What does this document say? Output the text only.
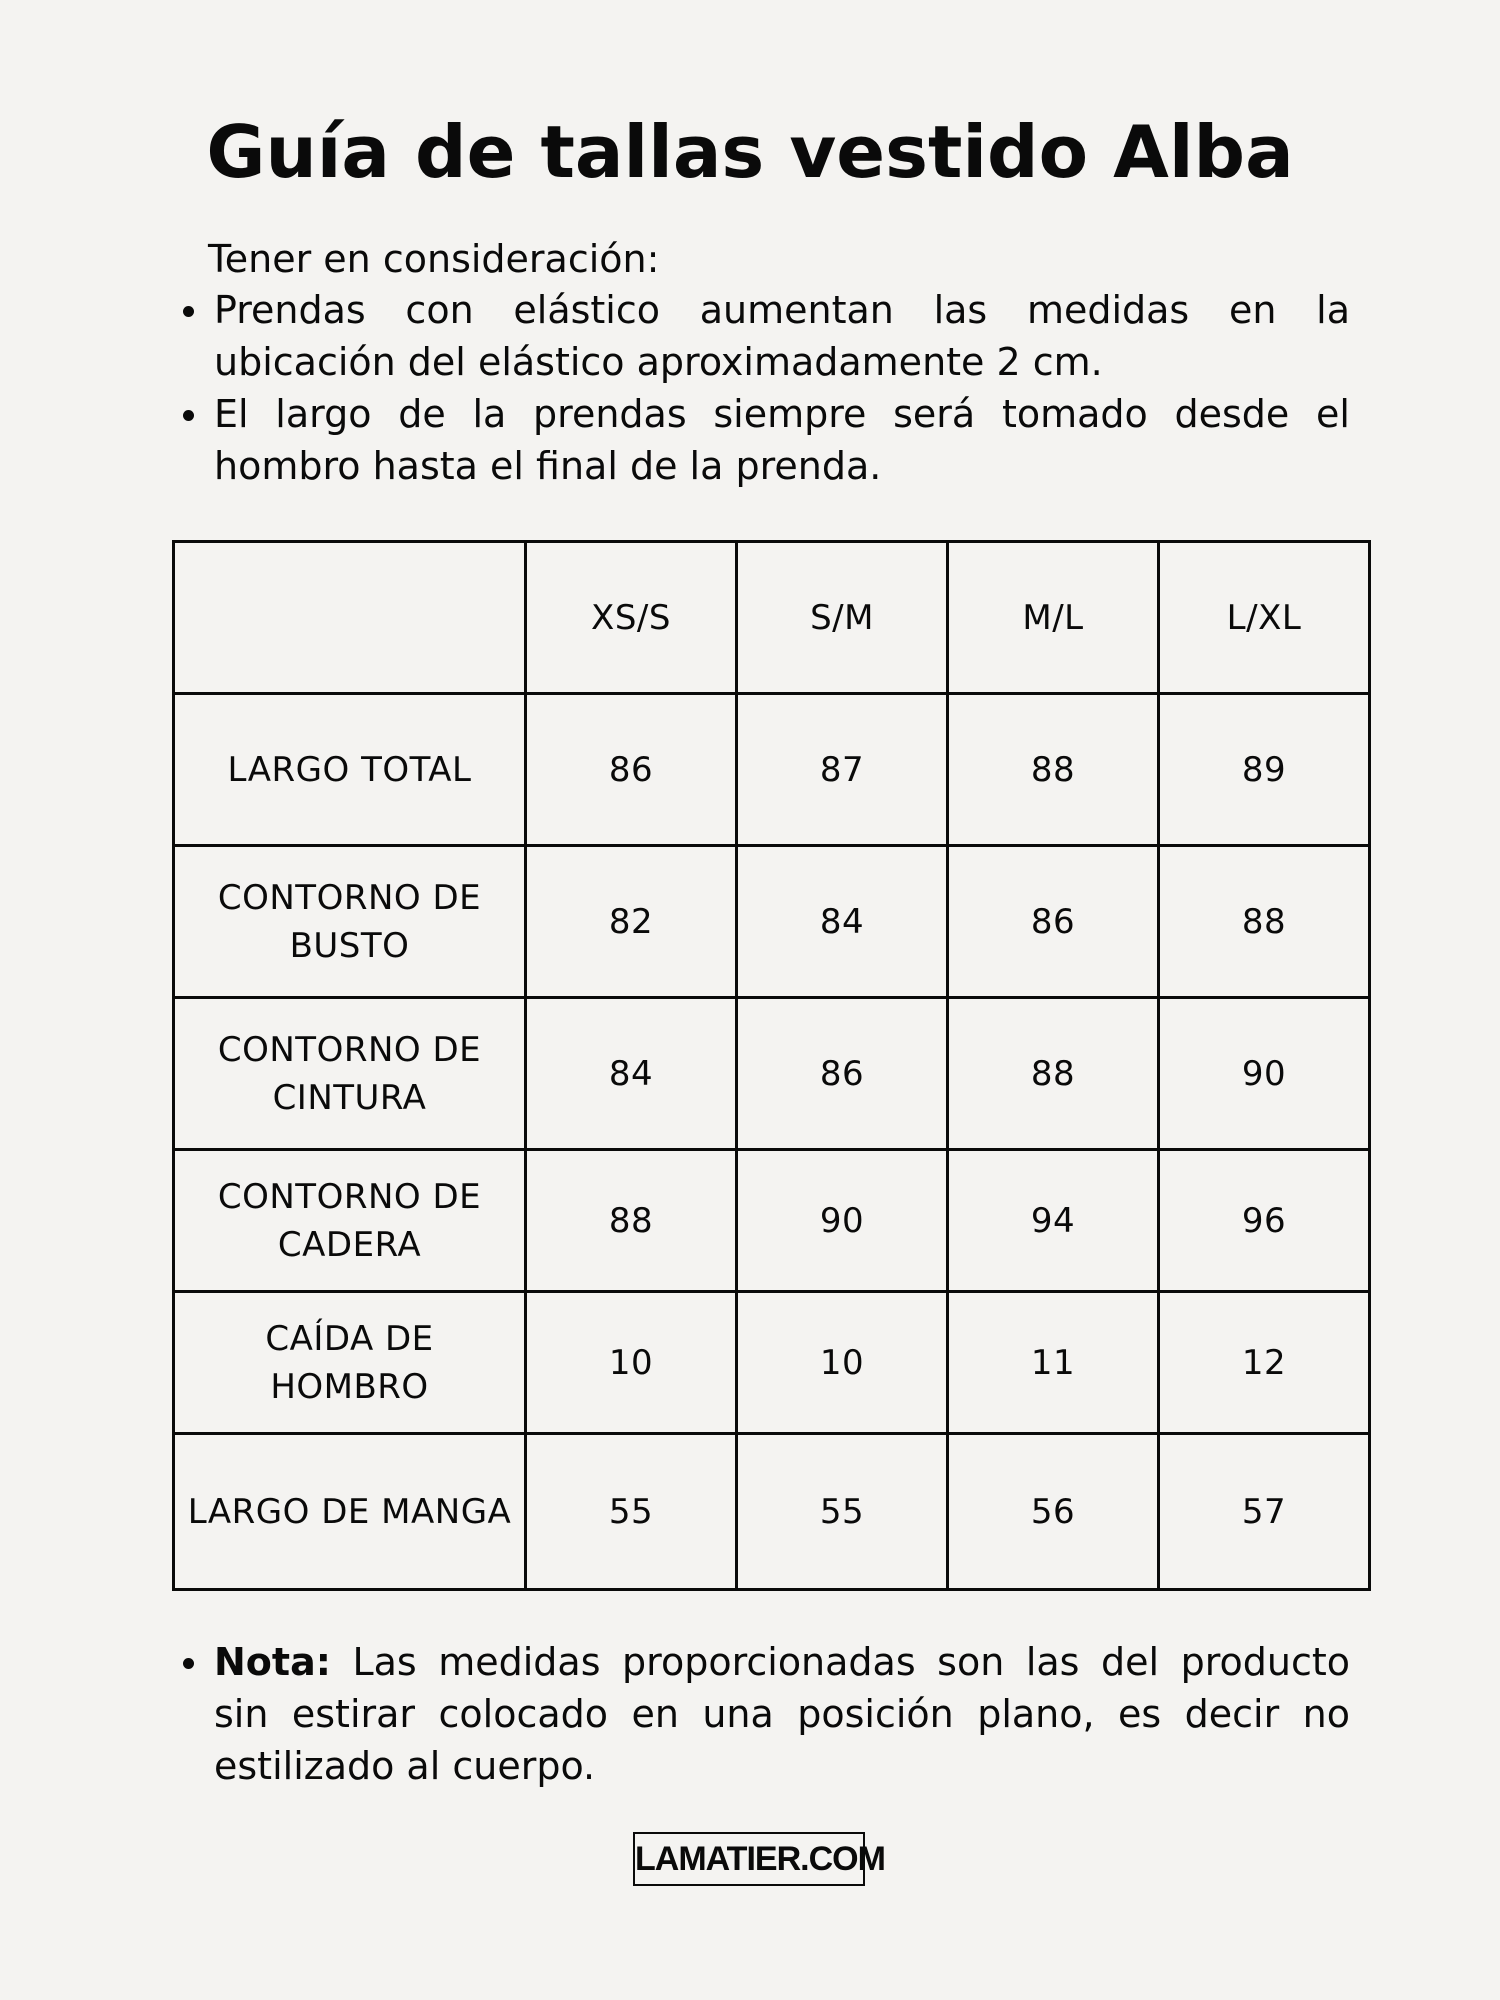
Guía de tallas vestido Alba

Tener en consideración:

Prendas con elástico aumentan las medidas en la ubicación del elástico aproximadamente 2 cm.
El largo de la prendas siempre será tomado desde el hombro hasta el final de la prenda.
	XS/S	S/M	M/L	L/XL
LARGO TOTAL	86	87	88	89
CONTORNO DE BUSTO	82	84	86	88
CONTORNO DE CINTURA	84	86	88	90
CONTORNO DE CADERA	88	90	94	96
CAÍDA DE HOMBRO	10	10	11	12
LARGO DE MANGA	55	55	56	57
Nota: Las medidas proporcionadas son las del producto sin estirar colocado en una posición plano, es decir no estilizado al cuerpo.
LAMATIER.COM
